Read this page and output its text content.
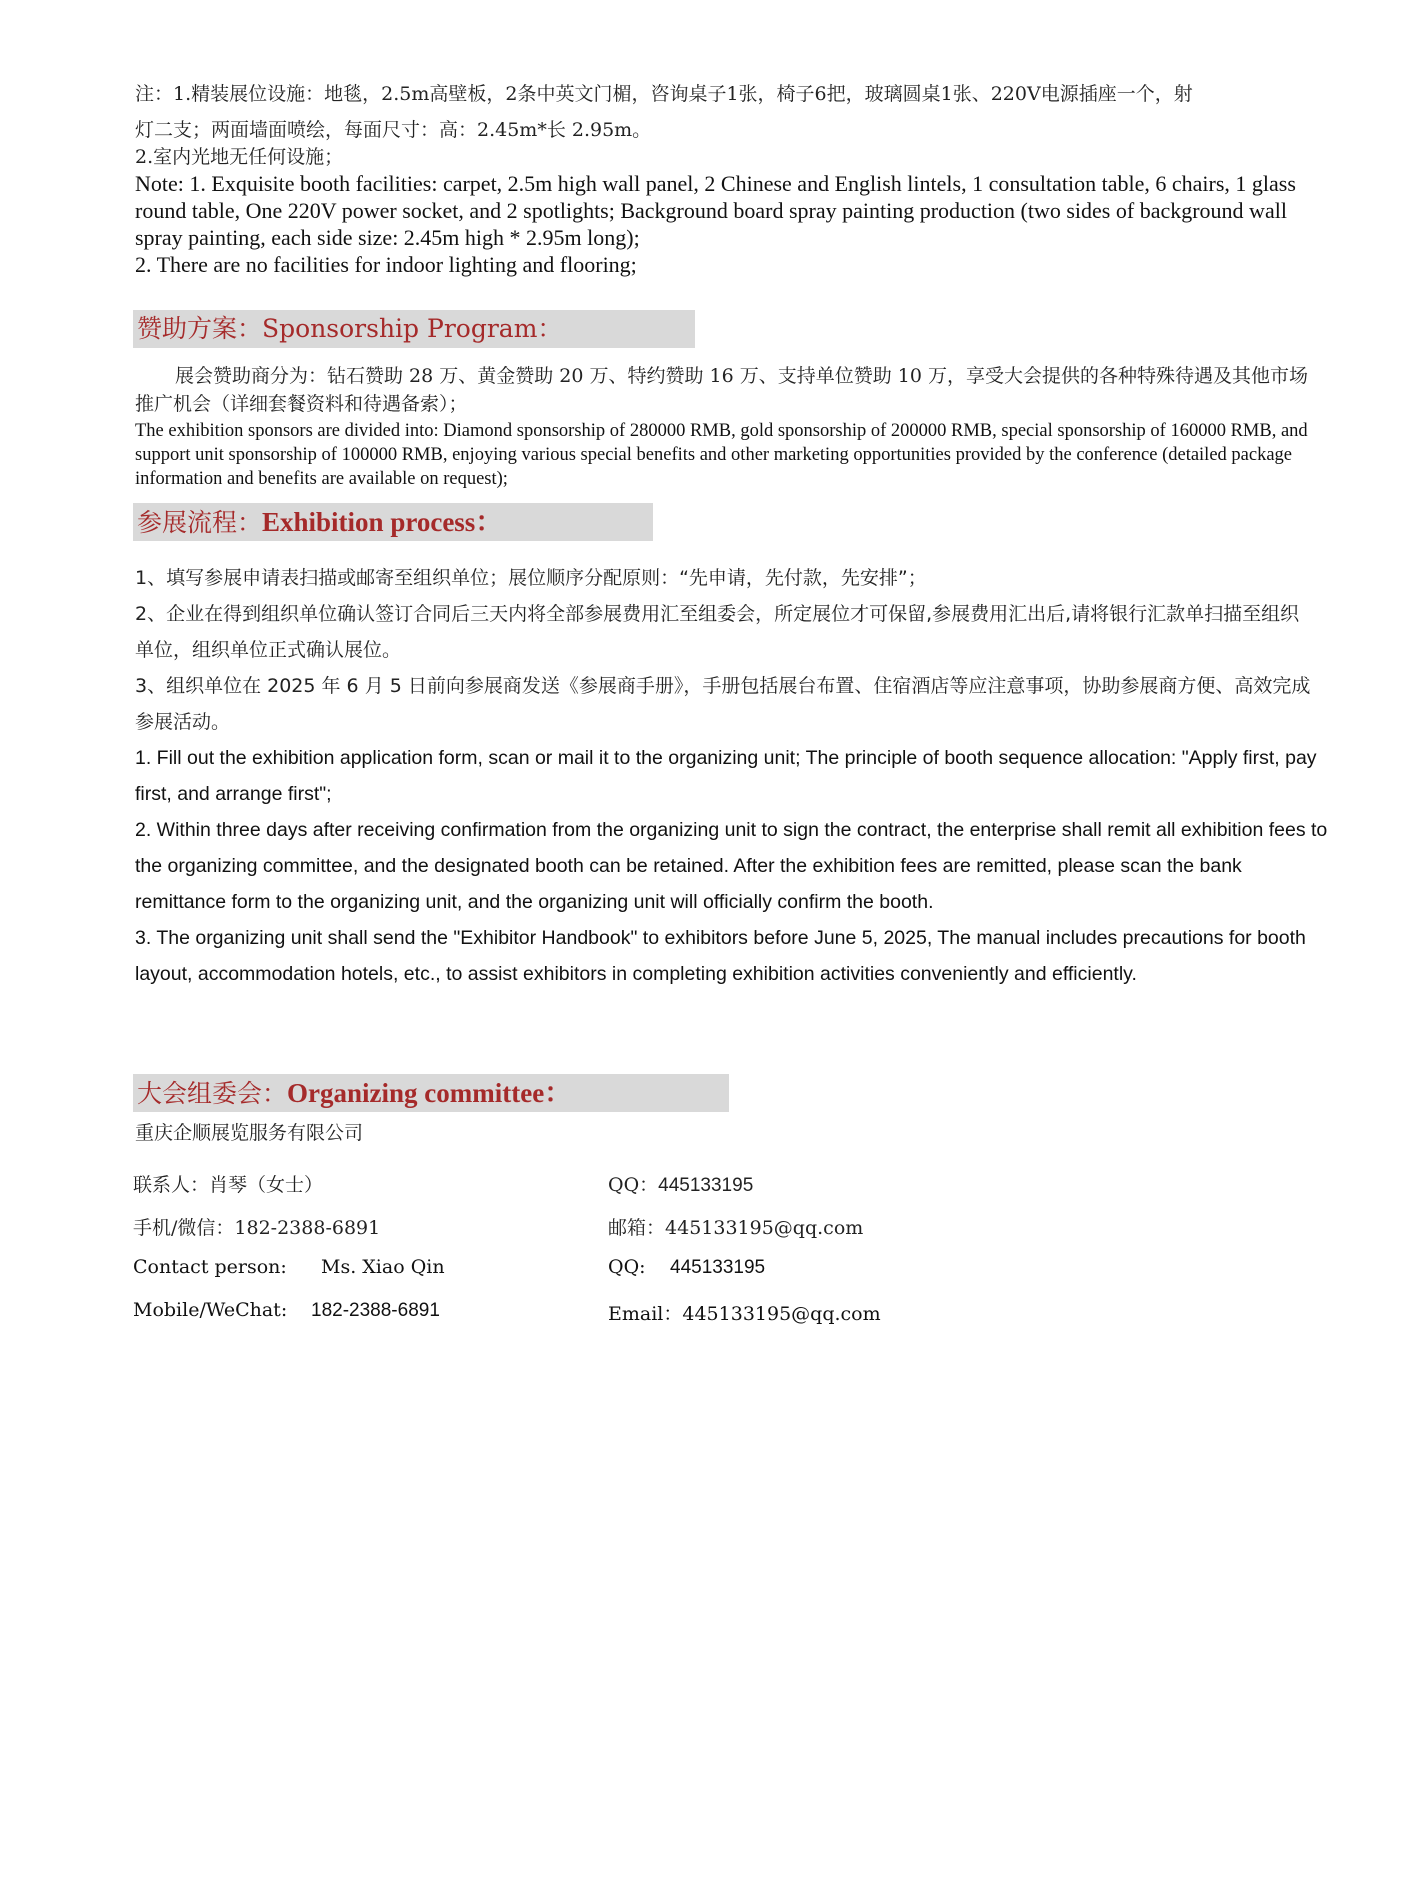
注：1.精装展位设施：地毯，2.5m高壁板，2条中英文门楣，咨询桌子1张，椅子6把，玻璃圆桌1张、220V电源插座一个，射

灯二支；两面墙面喷绘，每面尺寸：高：2.45m*长 2.95m。

2.室内光地无任何设施；

Note: 1. Exquisite booth facilities: carpet, 2.5m high wall panel, 2 Chinese and English lintels, 1 consultation table, 6 chairs, 1 glass round table, One 220V power socket, and 2 spotlights; Background board spray painting production (two sides of background wall spray painting, each side size: 2.45m high * 2.95m long);

2. There are no facilities for indoor lighting and flooring;

赞助方案：Sponsorship Program：
展会赞助商分为：钻石赞助 28 万、黄金赞助 20 万、特约赞助 16 万、支持单位赞助 10 万，享受大会提供的各种特殊待遇及其他市场推广机会（详细套餐资料和待遇备索）；
The exhibition sponsors are divided into: Diamond sponsorship of 280000 RMB, gold sponsorship of 200000 RMB, special sponsorship of 160000 RMB, and support unit sponsorship of 100000 RMB, enjoying various special benefits and other marketing opportunities provided by the conference (detailed package information and benefits are available on request);
参展流程：Exhibition process：

1、填写参展申请表扫描或邮寄至组织单位；展位顺序分配原则：“先申请，先付款，先安排”；

2、企业在得到组织单位确认签订合同后三天内将全部参展费用汇至组委会，所定展位才可保留,参展费用汇出后,请将银行汇款单扫描至组织单位，组织单位正式确认展位。

3、组织单位在 2025 年 6 月 5 日前向参展商发送《参展商手册》，手册包括展台布置、住宿酒店等应注意事项，协助参展商方便、高效完成参展活动。

1. Fill out the exhibition application form, scan or mail it to the organizing unit; The principle of booth sequence allocation: "Apply first, pay first, and arrange first";

2. Within three days after receiving confirmation from the organizing unit to sign the contract, the enterprise shall remit all exhibition fees to the organizing committee, and the designated booth can be retained. After the exhibition fees are remitted, please scan the bank remittance form to the organizing unit, and the organizing unit will officially confirm the booth.

3. The organizing unit shall send the "Exhibitor Handbook" to exhibitors before June 5, 2025, The manual includes precautions for booth layout, accommodation hotels, etc., to assist exhibitors in completing exhibition activities conveniently and efficiently.

大会组委会：Organizing committee：
重庆企顺展览服务有限公司
联系人：肖琴（女士）	QQ：445133195
手机/微信：182-2388-6891	邮箱：445133195@qq.com
Contact person: Ms. Xiao Qin	QQ: 445133195
Mobile/WeChat: 182-2388-6891	Email：445133195@qq.com
